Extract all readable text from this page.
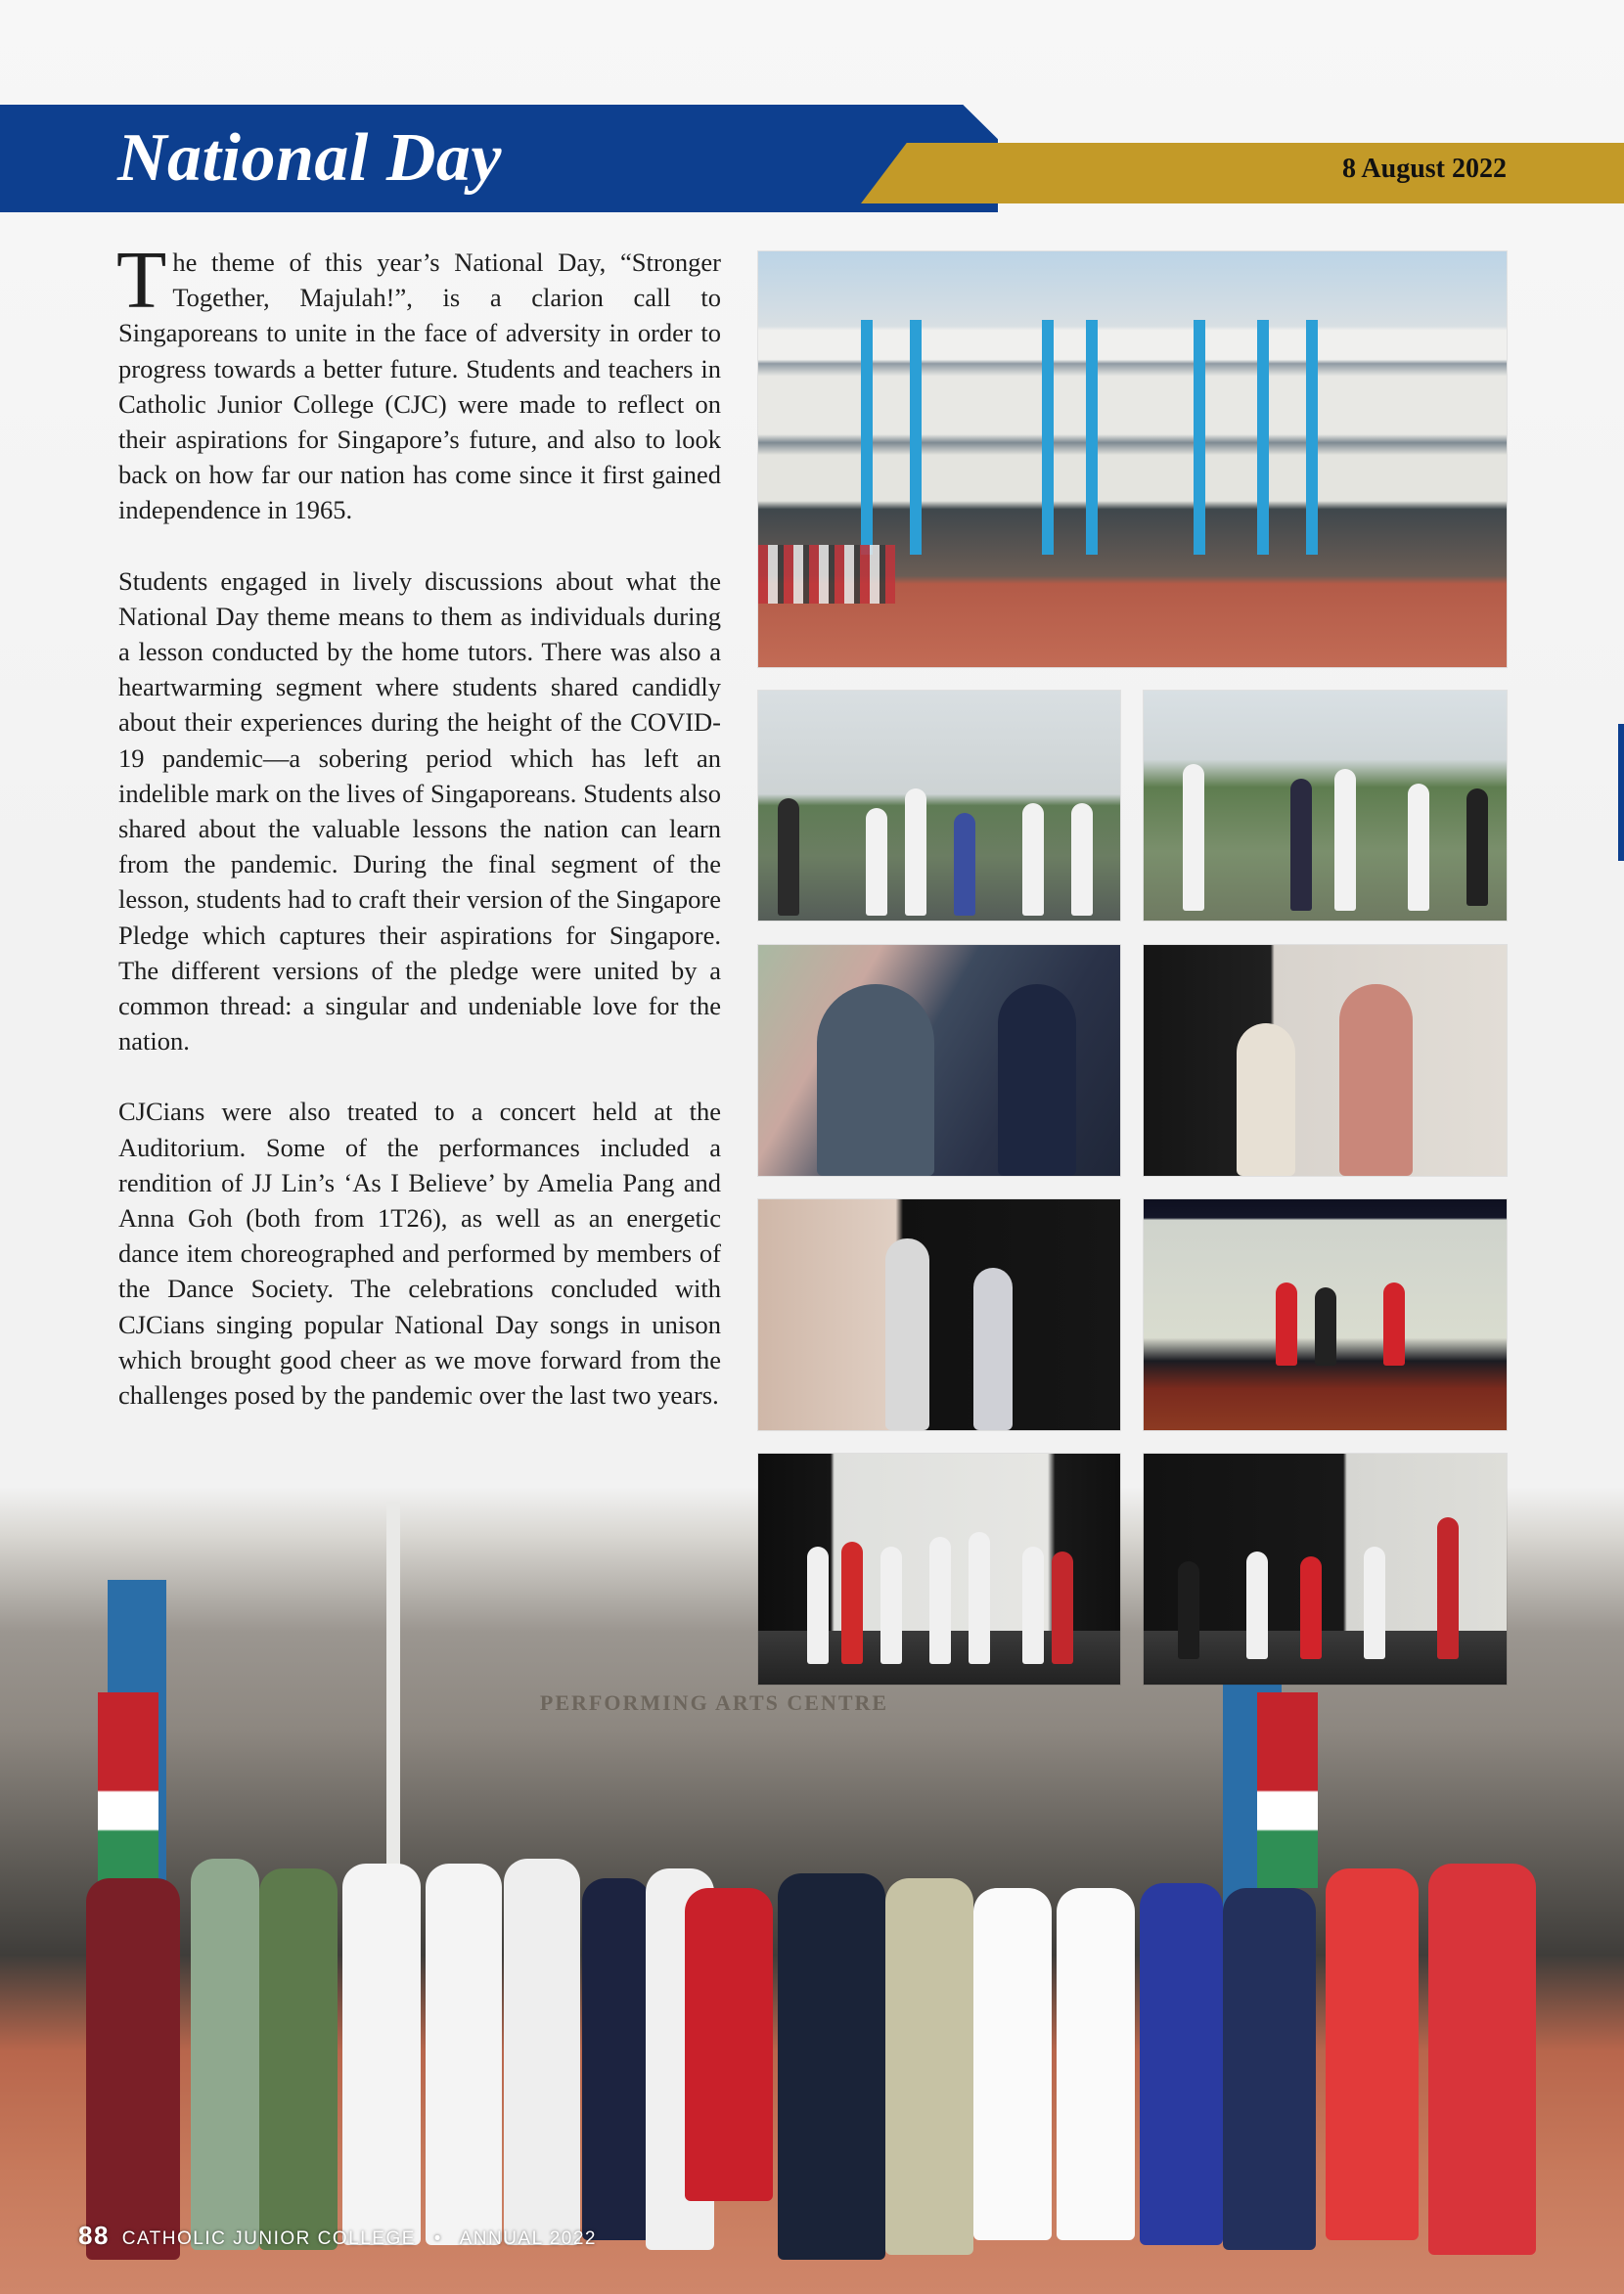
National Day	8 August 2022

The theme of this year’s National Day, “Stronger Together, Majulah!”, is a clarion call to Singaporeans to unite in the face of adversity in order to progress towards a better future. Students and teachers in Catholic Junior College (CJC) were made to reflect on their aspirations for Singapore’s future, and also to look back on how far our nation has come since it first gained independence in 1965.

Students engaged in lively discussions about what the National Day theme means to them as individuals during a lesson conducted by the home tutors. There was also a heartwarming segment where students shared candidly about their experiences during the height of the COVID-19 pandemic—a sobering period which has left an indelible mark on the lives of Singaporeans. Students also shared about the valuable lessons the nation can learn from the pandemic. During the final segment of the lesson, students had to craft their version of the Singapore Pledge which captures their aspirations for Singapore. The different versions of the pledge were united by a common thread: a singular and undeniable love for the nation.

CJCians were also treated to a concert held at the Auditorium. Some of the performances included a rendition of JJ Lin’s ‘As I Believe’ by Amelia Pang and Anna Goh (both from 1T26), as well as an energetic dance item choreographed and performed by members of the Dance Society. The celebrations concluded with CJCians singing popular National Day songs in unison which brought good cheer as we move forward from the challenges posed by the pandemic over the last two years.

PERFORMING ARTS CENTRE
88 CATHOLIC JUNIOR COLLEGE • ANNUAL 2022
